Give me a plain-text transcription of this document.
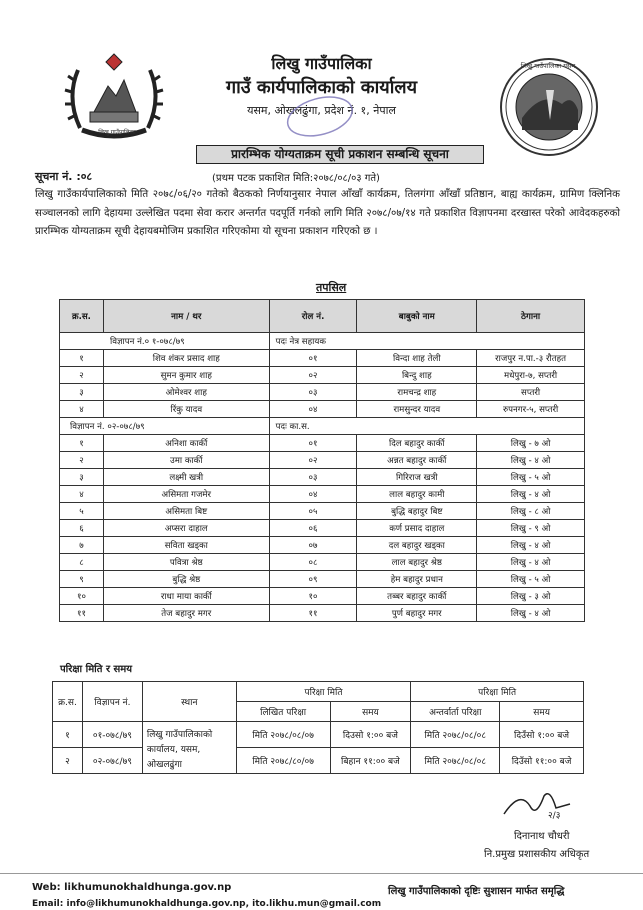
लिखु गाउँपालिका
लिखु गाउँपालिका यसम
लिखु गाउँपालिका
गाउँ कार्यपालिकाको कार्यालय
यसम, ओखलढुंगा, प्रदेश नं. १, नेपाल
प्रारम्भिक योग्यताक्रम सूची प्रकाशन सम्बन्धि सूचना
सूचना नं. :०८	(प्रथम पटक प्रकाशित मिति:२०७८/०८/०३ गते)
लिखु गाउँकार्यपालिकाको मिति २०७८/०६/२० गतेको बैठकको निर्णयानुसार नेपाल आँखाँ कार्यक्रम, तिलगंगा आँखाँ प्रतिष्ठान, बाह्य कार्यक्रम, ग्रामिण क्लिनिक सञ्चालनको लागि देहायमा उल्लेखित पदमा सेवा करार अन्तर्गत पदपूर्ति गर्नको लागि मिति २०७८/०७/१४ गते प्रकाशित विज्ञापनमा दरखास्त परेको आवेदकहरुको प्रारम्भिक योग्यताक्रम सूची देहायबमोजिम प्रकाशित गरिएकोमा यो सूचना प्रकाशन गरिएको छ ।
तपसिल
क्र.स.	नाम / थर	रोल नं.	बाबुको नाम	ठेगाना
विज्ञापन नं.० १-०७८/७९		पदः नेत्र सहायक		
१	शिव शंकर प्रसाद शाह	०१	विन्दा शाह तेली	राजपुर न.पा.-३ रौतहत
२	सुमन कुमार शाह	०२	बिन्दु शाह	मधेपुरा-७, सप्तरी
३	ओमेश्वर शाह	०३	रामचन्द्र शाह	सप्तरी
४	रिंकु यादव	०४	रामसुन्दर यादव	रुपनगर-५, सप्तरी
विज्ञापन नं. ०२-०७८/७९		पदः का.स.		
१	अनिशा कार्की	०१	दिल बहादुर कार्की	लिखु - ७ ओ
२	उमा कार्की	०२	अन्नत बहादुर कार्की	लिखु - ४ ओ
३	लक्ष्मी खत्री	०३	गिरिराज खत्री	लिखु - ५ ओ
४	असिमता गजमेर	०४	लाल बहादुर कामी	लिखु - ४ ओ
५	असिमता बिष्ट	०५	बुद्धि बहादुर बिष्ट	लिखु - ८ ओ
६	अप्सरा दाहाल	०६	कर्ण प्रसाद दाहाल	लिखु - ९ ओ
७	सविता खड्का	०७	दल बहादुर खड्का	लिखु - ४ ओ
८	पवित्रा श्रेष्ठ	०८	लाल बहादुर श्रेष्ठ	लिखु - ४ ओ
९	बुद्धि श्रेष्ठ	०९	हेम बहादुर प्रधान	लिखु - ५ ओ
१०	राधा माया कार्की	१०	तब्बर बहादुर कार्की	लिखु - ३ ओ
११	तेज बहादुर मगर	११	पुर्ण बहादुर मगर	लिखु - ४ ओ
परिक्षा मिति र समय
क्र.स.	विज्ञापन नं.	स्थान	परिक्षा मिति		परिक्षा मिति	
			लिखित परिक्षा	समय	अन्तर्वार्ता परिक्षा	समय
१	०१-०७८/७९	लिखु गाउँपालिकाको कार्यालय, यसम, ओखलढुंगा	मिति २०७८/०८/०७	दिउसो १:०० बजे	मिति २०७८/०८/०८	दिउँसो १:०० बजे
२	०२-०७८/७९		मिति २०७८/८०/०७	बिहान ११:०० बजे	मिति २०७८/०८/०८	दिउँसो ११:०० बजे
२/३
दिनानाथ चौधरी
नि.प्रमुख प्रशासकीय अधिकृत
Web: likhumunokhaldhunga.gov.np
Email: info@likhumunokhaldhunga.gov.np, ito.likhu.mun@gmail.com
लिखु गाउँपालिकाको दृष्टिः सुशासन मार्फत समृद्धि
